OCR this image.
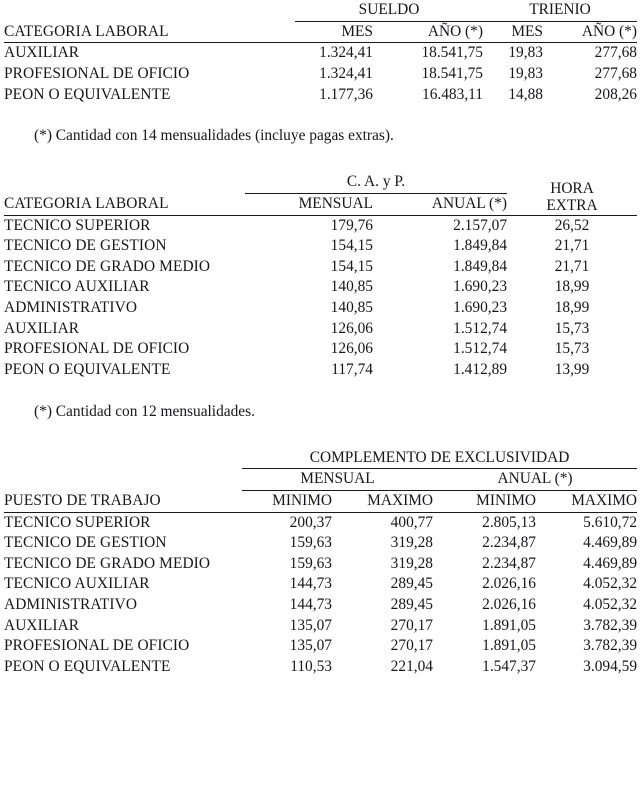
	SUELDO		TRIENIO	
CATEGORIA LABORAL	MES	AÑO (*)	MES	AÑO (*)
AUXILIAR	1.324,41	18.541,75	19,83	277,68
PROFESIONAL DE OFICIO	1.324,41	18.541,75	19,83	277,68
PEON O EQUIVALENTE	1.177,36	16.483,11	14,88	208,26

(*) Cantidad con 14 mensualidades (incluye pagas extras).

	C. A. y P.		HORA
EXTRA

CATEGORIA LABORAL	MENSUAL	ANUAL (*)	

TECNICO SUPERIOR	179,76	2.157,07	26,52
TECNICO DE GESTION	154,15	1.849,84	21,71
TECNICO DE GRADO MEDIO	154,15	1.849,84	21,71
TECNICO AUXILIAR	140,85	1.690,23	18,99
ADMINISTRATIVO	140,85	1.690,23	18,99
AUXILIAR	126,06	1.512,74	15,73
PROFESIONAL DE OFICIO	126,06	1.512,74	15,73
PEON O EQUIVALENTE	117,74	1.412,89	13,99

(*) Cantidad con 12 mensualidades.

	COMPLEMENTO DE EXCLUSIVIDAD			
	MENSUAL		ANUAL (*)	
PUESTO DE TRABAJO	MINIMO	MAXIMO	MINIMO	MAXIMO

TECNICO SUPERIOR	200,37	400,77	2.805,13	5.610,72
TECNICO DE GESTION	159,63	319,28	2.234,87	4.469,89
TECNICO DE GRADO MEDIO	159,63	319,28	2.234,87	4.469,89
TECNICO AUXILIAR	144,73	289,45	2.026,16	4.052,32
ADMINISTRATIVO	144,73	289,45	2.026,16	4.052,32
AUXILIAR	135,07	270,17	1.891,05	3.782,39
PROFESIONAL DE OFICIO	135,07	270,17	1.891,05	3.782,39
PEON O EQUIVALENTE	110,53	221,04	1.547,37	3.094,59
